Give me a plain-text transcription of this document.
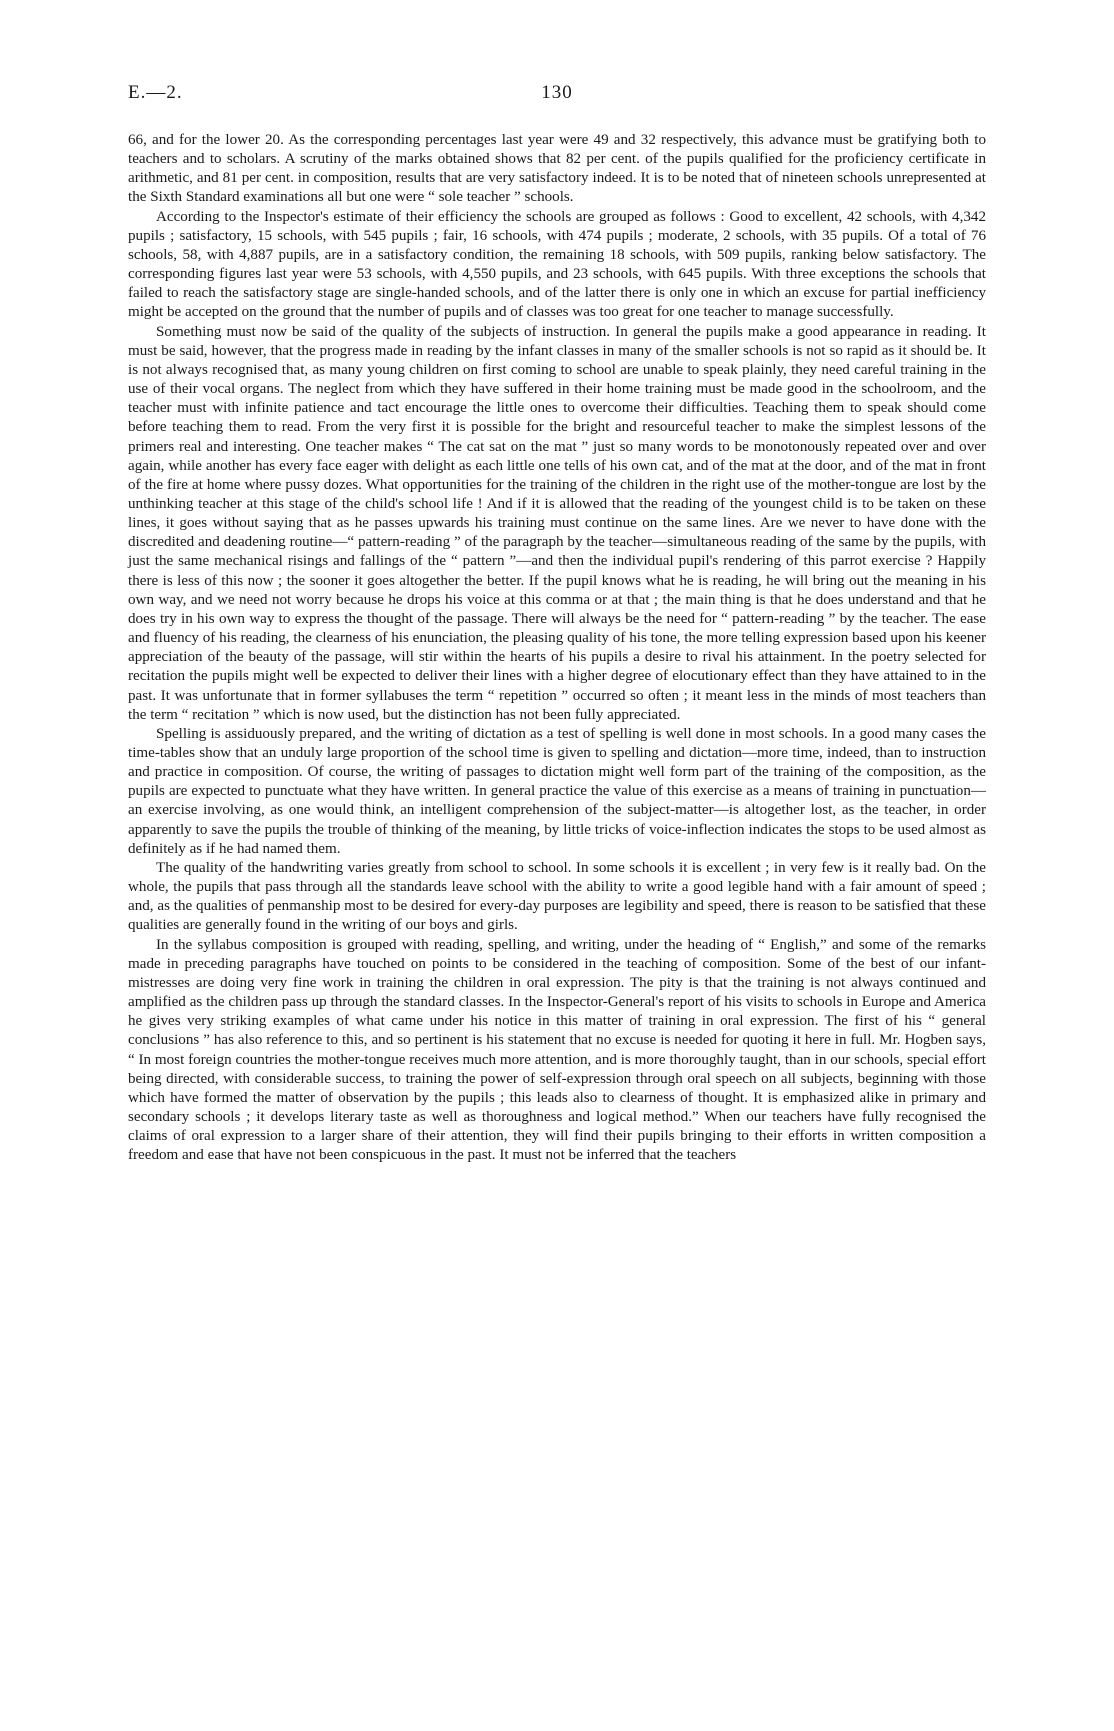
E.—2.	130

66, and for the lower 20. As the corresponding percentages last year were 49 and 32 respectively, this advance must be gratifying both to teachers and to scholars. A scrutiny of the marks obtained shows that 82 per cent. of the pupils qualified for the proficiency certificate in arithmetic, and 81 per cent. in composition, results that are very satisfactory indeed. It is to be noted that of nineteen schools unrepresented at the Sixth Standard examinations all but one were “ sole teacher ” schools.

According to the Inspector's estimate of their efficiency the schools are grouped as follows : Good to excellent, 42 schools, with 4,342 pupils ; satisfactory, 15 schools, with 545 pupils ; fair, 16 schools, with 474 pupils ; moderate, 2 schools, with 35 pupils. Of a total of 76 schools, 58, with 4,887 pupils, are in a satisfactory condition, the remaining 18 schools, with 509 pupils, ranking below satisfactory. The corresponding figures last year were 53 schools, with 4,550 pupils, and 23 schools, with 645 pupils. With three exceptions the schools that failed to reach the satisfactory stage are single-handed schools, and of the latter there is only one in which an excuse for partial inefficiency might be accepted on the ground that the number of pupils and of classes was too great for one teacher to manage successfully.

Something must now be said of the quality of the subjects of instruction. In general the pupils make a good appearance in reading. It must be said, however, that the progress made in reading by the infant classes in many of the smaller schools is not so rapid as it should be. It is not always recognised that, as many young children on first coming to school are unable to speak plainly, they need careful training in the use of their vocal organs. The neglect from which they have suffered in their home training must be made good in the schoolroom, and the teacher must with infinite patience and tact encourage the little ones to overcome their difficulties. Teaching them to speak should come before teaching them to read. From the very first it is possible for the bright and resourceful teacher to make the simplest lessons of the primers real and interesting. One teacher makes “ The cat sat on the mat ” just so many words to be monotonously repeated over and over again, while another has every face eager with delight as each little one tells of his own cat, and of the mat at the door, and of the mat in front of the fire at home where pussy dozes. What opportunities for the training of the children in the right use of the mother-tongue are lost by the unthinking teacher at this stage of the child's school life ! And if it is allowed that the reading of the youngest child is to be taken on these lines, it goes without saying that as he passes upwards his training must continue on the same lines. Are we never to have done with the discredited and deadening routine—“ pattern-reading ” of the paragraph by the teacher—simultaneous reading of the same by the pupils, with just the same mechanical risings and fallings of the “ pattern ”—and then the individual pupil's rendering of this parrot exercise ? Happily there is less of this now ; the sooner it goes altogether the better. If the pupil knows what he is reading, he will bring out the meaning in his own way, and we need not worry because he drops his voice at this comma or at that ; the main thing is that he does understand and that he does try in his own way to express the thought of the passage. There will always be the need for “ pattern-reading ” by the teacher. The ease and fluency of his reading, the clearness of his enunciation, the pleasing quality of his tone, the more telling expression based upon his keener appreciation of the beauty of the passage, will stir within the hearts of his pupils a desire to rival his attainment. In the poetry selected for recitation the pupils might well be expected to deliver their lines with a higher degree of elocutionary effect than they have attained to in the past. It was unfortunate that in former syllabuses the term “ repetition ” occurred so often ; it meant less in the minds of most teachers than the term “ recitation ” which is now used, but the distinction has not been fully appreciated.

Spelling is assiduously prepared, and the writing of dictation as a test of spelling is well done in most schools. In a good many cases the time-tables show that an unduly large proportion of the school time is given to spelling and dictation—more time, indeed, than to instruction and practice in composition. Of course, the writing of passages to dictation might well form part of the training of the composition, as the pupils are expected to punctuate what they have written. In general practice the value of this exercise as a means of training in punctuation—an exercise involving, as one would think, an intelligent comprehension of the subject-matter—is altogether lost, as the teacher, in order apparently to save the pupils the trouble of thinking of the meaning, by little tricks of voice-inflection indicates the stops to be used almost as definitely as if he had named them.

The quality of the handwriting varies greatly from school to school. In some schools it is excellent ; in very few is it really bad. On the whole, the pupils that pass through all the standards leave school with the ability to write a good legible hand with a fair amount of speed ; and, as the qualities of penmanship most to be desired for every-day purposes are legibility and speed, there is reason to be satisfied that these qualities are generally found in the writing of our boys and girls.

In the syllabus composition is grouped with reading, spelling, and writing, under the heading of “ English,” and some of the remarks made in preceding paragraphs have touched on points to be considered in the teaching of composition. Some of the best of our infant-mistresses are doing very fine work in training the children in oral expression. The pity is that the training is not always continued and amplified as the children pass up through the standard classes. In the Inspector-General's report of his visits to schools in Europe and America he gives very striking examples of what came under his notice in this matter of training in oral expression. The first of his “ general conclusions ” has also reference to this, and so pertinent is his statement that no excuse is needed for quoting it here in full. Mr. Hogben says, “ In most foreign countries the mother-tongue receives much more attention, and is more thoroughly taught, than in our schools, special effort being directed, with considerable success, to training the power of self-expression through oral speech on all subjects, beginning with those which have formed the matter of observation by the pupils ; this leads also to clearness of thought. It is emphasized alike in primary and secondary schools ; it develops literary taste as well as thoroughness and logical method.” When our teachers have fully recognised the claims of oral expression to a larger share of their attention, they will find their pupils bringing to their efforts in written composition a freedom and ease that have not been conspicuous in the past. It must not be inferred that the teachers
